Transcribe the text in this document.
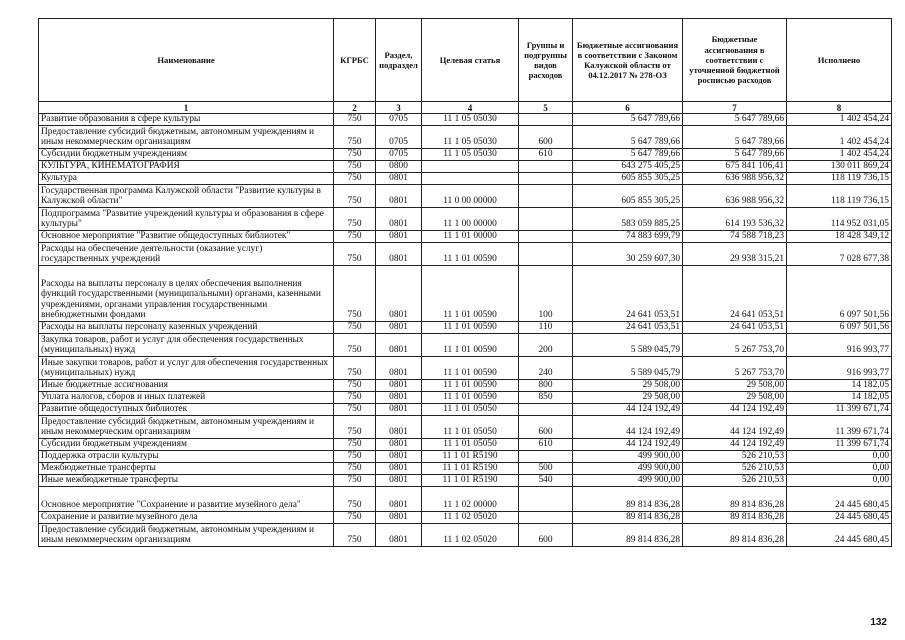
Наименование	КГРБС	Раздел, подраздел	Целевая статья	Группы и подгруппы видов расходов	Бюджетные ассигнования в соответствии с Законом Калужской области от 04.12.2017 № 278-ОЗ	Бюджетные ассигнования в соответствии с уточненной бюджетной росписью расходов	Исполнено
1	2	3	4	5	6	7	8
Развитие образования в сфере культуры	750	0705	11 1 05 05030		5 647 789,66	5 647 789,66	1 402 454,24
Предоставление субсидий бюджетным, автономным учреждениям и иным некоммерческим организациям	750	0705	11 1 05 05030	600	5 647 789,66	5 647 789,66	1 402 454,24
Субсидии бюджетным учреждениям	750	0705	11 1 05 05030	610	5 647 789,66	5 647 789,66	1 402 454,24
КУЛЬТУРА, КИНЕМАТОГРАФИЯ	750	0800			643 275 405,25	675 841 106,41	130 011 869,24
Культура	750	0801			605 855 305,25	636 988 956,32	118 119 736,15
Государственная программа Калужской области "Развитие культуры в Калужской области"	750	0801	11 0 00 00000		605 855 305,25	636 988 956,32	118 119 736,15
Подпрограмма "Развитие учреждений культуры и образования в сфере культуры"	750	0801	11 1 00 00000		583 059 885,25	614 193 536,32	114 952 031,05
Основное мероприятие "Развитие общедоступных библиотек"	750	0801	11 1 01 00000		74 883 699,79	74 588 718,23	18 428 349,12
Расходы на обеспечение деятельности (оказание услуг) государственных учреждений	750	0801	11 1 01 00590		30 259 607,30	29 938 315,21	7 028 677,38
Расходы на выплаты персоналу в целях обеспечения выполнения функций государственными (муниципальными) органами, казенными учреждениями, органами управления государственными внебюджетными фондами	750	0801	11 1 01 00590	100	24 641 053,51	24 641 053,51	6 097 501,56
Расходы на выплаты персоналу казенных учреждений	750	0801	11 1 01 00590	110	24 641 053,51	24 641 053,51	6 097 501,56
Закупка товаров, работ и услуг для обеспечения государственных (муниципальных) нужд	750	0801	11 1 01 00590	200	5 589 045,79	5 267 753,70	916 993,77
Иные закупки товаров, работ и услуг для обеспечения государственных (муниципальных) нужд	750	0801	11 1 01 00590	240	5 589 045,79	5 267 753,70	916 993,77
Иные бюджетные ассигнования	750	0801	11 1 01 00590	800	29 508,00	29 508,00	14 182,05
Уплата налогов, сборов и иных платежей	750	0801	11 1 01 00590	850	29 508,00	29 508,00	14 182,05
Развитие общедоступных библиотек	750	0801	11 1 01 05050		44 124 192,49	44 124 192,49	11 399 671,74
Предоставление субсидий бюджетным, автономным учреждениям и иным некоммерческим организациям	750	0801	11 1 01 05050	600	44 124 192,49	44 124 192,49	11 399 671,74
Субсидии бюджетным учреждениям	750	0801	11 1 01 05050	610	44 124 192,49	44 124 192,49	11 399 671,74
Поддержка отрасли культуры	750	0801	11 1 01 R5190		499 900,00	526 210,53	0,00
Межбюджетные трансферты	750	0801	11 1 01 R5190	500	499 900,00	526 210,53	0,00
Иные межбюджетные трансферты	750	0801	11 1 01 R5190	540	499 900,00	526 210,53	0,00
Основное мероприятие "Сохранение и развитие музейного дела"	750	0801	11 1 02 00000		89 814 836,28	89 814 836,28	24 445 680,45
Сохранение и развитие музейного дела	750	0801	11 1 02 05020		89 814 836,28	89 814 836,28	24 445 680,45
Предоставление субсидий бюджетным, автономным учреждениям и иным некоммерческим организациям	750	0801	11 1 02 05020	600	89 814 836,28	89 814 836,28	24 445 680,45
132
